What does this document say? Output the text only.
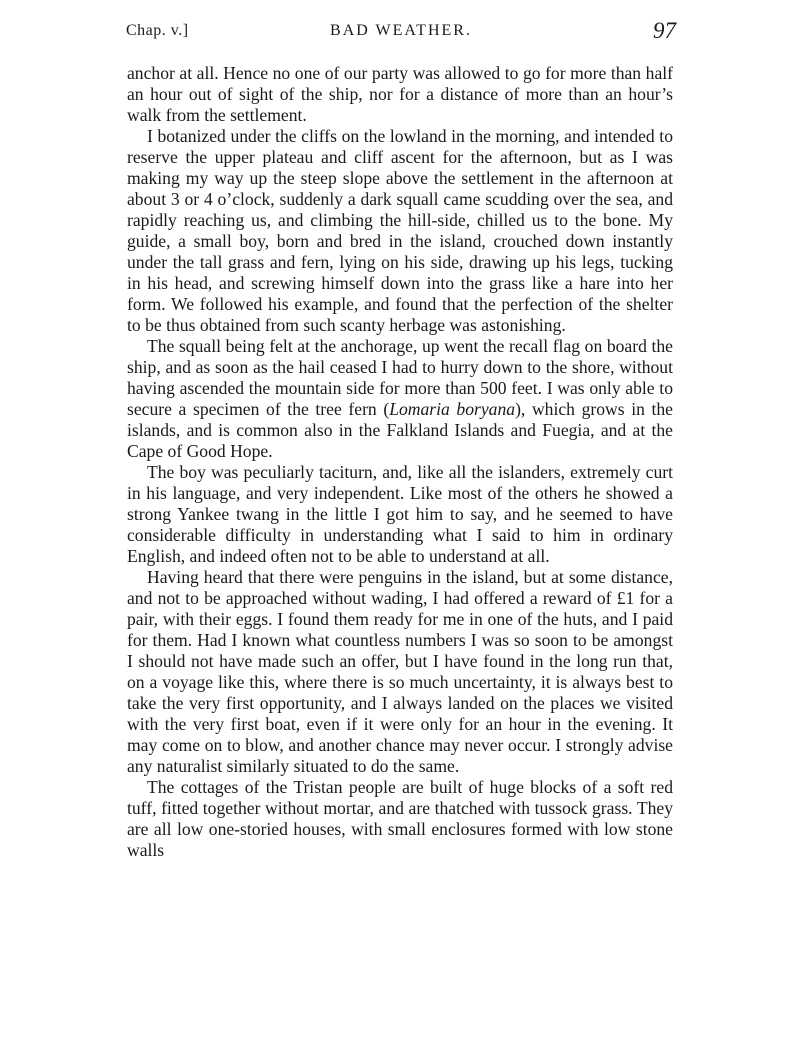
Chap. v.]	BAD WEATHER.	97

anchor at all. Hence no one of our party was allowed to go for more than half an hour out of sight of the ship, nor for a distance of more than an hour’s walk from the settlement.

I botanized under the cliffs on the lowland in the morning, and intended to reserve the upper plateau and cliff ascent for the afternoon, but as I was making my way up the steep slope above the settlement in the afternoon at about 3 or 4 o’clock, suddenly a dark squall came scudding over the sea, and rapidly reaching us, and climbing the hill-side, chilled us to the bone. My guide, a small boy, born and bred in the island, crouched down instantly under the tall grass and fern, lying on his side, drawing up his legs, tucking in his head, and screwing himself down into the grass like a hare into her form. We followed his example, and found that the perfection of the shelter to be thus obtained from such scanty herbage was astonishing.

The squall being felt at the anchorage, up went the recall flag on board the ship, and as soon as the hail ceased I had to hurry down to the shore, without having ascended the mountain side for more than 500 feet. I was only able to secure a specimen of the tree fern (Lomaria boryana), which grows in the islands, and is common also in the Falkland Islands and Fuegia, and at the Cape of Good Hope.

The boy was peculiarly taciturn, and, like all the islanders, extremely curt in his language, and very independent. Like most of the others he showed a strong Yankee twang in the little I got him to say, and he seemed to have considerable difficulty in understanding what I said to him in ordinary English, and indeed often not to be able to understand at all.

Having heard that there were penguins in the island, but at some distance, and not to be approached without wading, I had offered a reward of £1 for a pair, with their eggs. I found them ready for me in one of the huts, and I paid for them. Had I known what countless numbers I was so soon to be amongst I should not have made such an offer, but I have found in the long run that, on a voyage like this, where there is so much uncertainty, it is always best to take the very first opportunity, and I always landed on the places we visited with the very first boat, even if it were only for an hour in the evening. It may come on to blow, and another chance may never occur. I strongly advise any naturalist similarly situated to do the same.

The cottages of the Tristan people are built of huge blocks of a soft red tuff, fitted together without mortar, and are thatched with tussock grass. They are all low one-storied houses, with small enclosures formed with low stone walls
